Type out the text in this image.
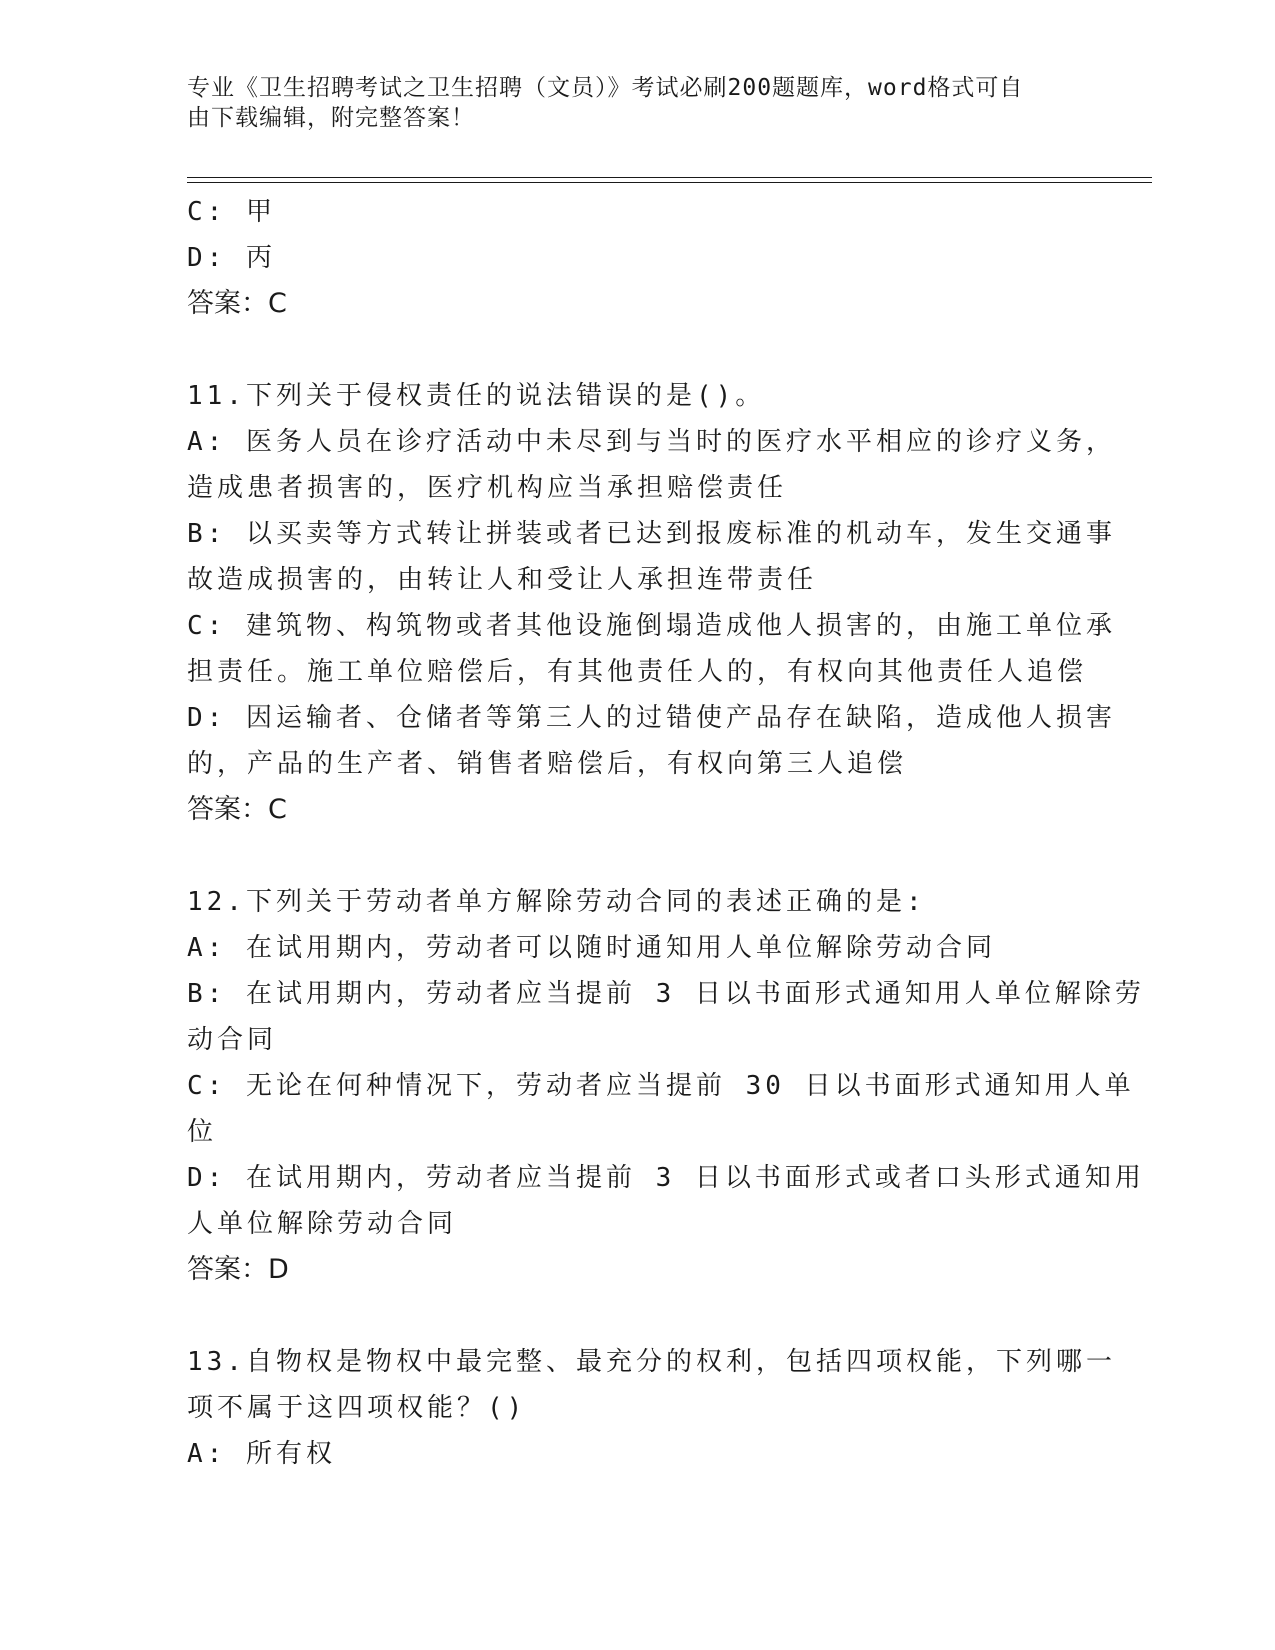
专业《卫生招聘考试之卫生招聘（文员）》考试必刷200题题库，word格式可自
由下载编辑，附完整答案！
C: 甲
D: 丙
答案：C
11.下列关于侵权责任的说法错误的是()。
A: 医务人员在诊疗活动中未尽到与当时的医疗水平相应的诊疗义务，
造成患者损害的，医疗机构应当承担赔偿责任
B: 以买卖等方式转让拼装或者已达到报废标准的机动车，发生交通事
故造成损害的，由转让人和受让人承担连带责任
C: 建筑物、构筑物或者其他设施倒塌造成他人损害的，由施工单位承
担责任。施工单位赔偿后，有其他责任人的，有权向其他责任人追偿
D: 因运输者、仓储者等第三人的过错使产品存在缺陷，造成他人损害
的，产品的生产者、销售者赔偿后，有权向第三人追偿
答案：C
12.下列关于劳动者单方解除劳动合同的表述正确的是:
A: 在试用期内，劳动者可以随时通知用人单位解除劳动合同
B: 在试用期内，劳动者应当提前 3 日以书面形式通知用人单位解除劳
动合同
C: 无论在何种情况下，劳动者应当提前 30 日以书面形式通知用人单
位
D: 在试用期内，劳动者应当提前 3 日以书面形式或者口头形式通知用
人单位解除劳动合同
答案：D
13.自物权是物权中最完整、最充分的权利，包括四项权能，下列哪一
项不属于这四项权能？()
A: 所有权
